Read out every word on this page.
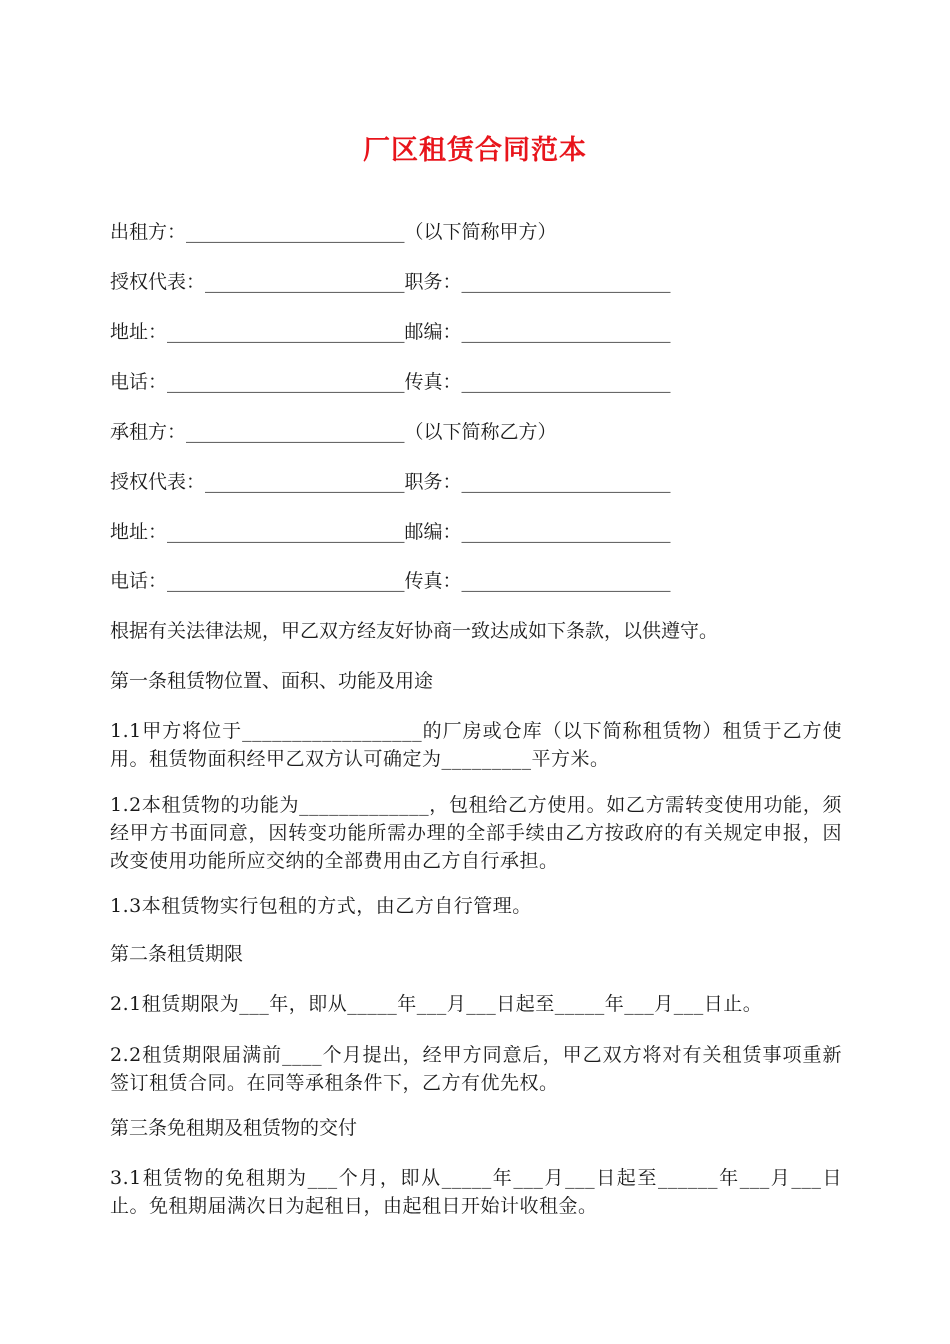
厂区租赁合同范本
出租方：_______________________（以下简称甲方）
授权代表：_____________________职务：______________________
地址：_________________________邮编：______________________
电话：_________________________传真：______________________
承租方：_______________________（以下简称乙方）
授权代表：_____________________职务：______________________
地址：_________________________邮编：______________________
电话：_________________________传真：______________________
根据有关法律法规，甲乙双方经友好协商一致达成如下条款，以供遵守。
第一条租赁物位置、面积、功能及用途
1.1甲方将位于__________________的厂房或仓库（以下简称租赁物）租赁于乙方使用。租赁物面积经甲乙双方认可确定为_________平方米。
1.2本租赁物的功能为_____________，包租给乙方使用。如乙方需转变使用功能，须经甲方书面同意，因转变功能所需办理的全部手续由乙方按政府的有关规定申报，因改变使用功能所应交纳的全部费用由乙方自行承担。
1.3本租赁物实行包租的方式，由乙方自行管理。
第二条租赁期限
2.1租赁期限为___年，即从_____年___月___日起至_____年___月___日止。
2.2租赁期限届满前____个月提出，经甲方同意后，甲乙双方将对有关租赁事项重新签订租赁合同。在同等承租条件下，乙方有优先权。
第三条免租期及租赁物的交付
3.1租赁物的免租期为___个月，即从_____年___月___日起至______年___月___日止。免租期届满次日为起租日，由起租日开始计收租金。
